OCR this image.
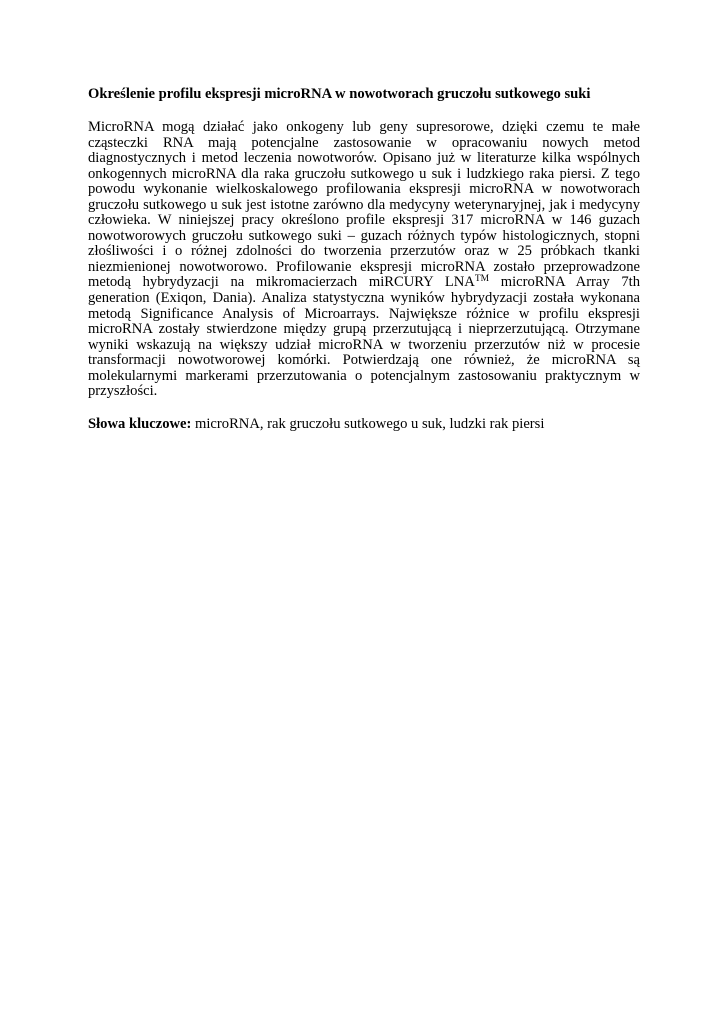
Określenie profilu ekspresji microRNA w nowotworach gruczołu sutkowego suki

MicroRNA mogą działać jako onkogeny lub geny supresorowe, dzięki czemu te małe cząsteczki RNA mają potencjalne zastosowanie w opracowaniu nowych metod diagnostycznych i metod leczenia nowotworów. Opisano już w literaturze kilka wspólnych onkogennych microRNA dla raka gruczołu sutkowego u suk i ludzkiego raka piersi. Z tego powodu wykonanie wielkoskalowego profilowania ekspresji microRNA w nowotworach gruczołu sutkowego u suk jest istotne zarówno dla medycyny weterynaryjnej, jak i medycyny człowieka. W niniejszej pracy określono profile ekspresji 317 microRNA w 146 guzach nowotworowych gruczołu sutkowego suki – guzach różnych typów histologicznych, stopni złośliwości i o różnej zdolności do tworzenia przerzutów oraz w 25 próbkach tkanki niezmienionej nowotworowo. Profilowanie ekspresji microRNA zostało przeprowadzone metodą hybrydyzacji na mikromacierzach miRCURY LNA™ microRNA Array 7th generation (Exiqon, Dania). Analiza statystyczna wyników hybrydyzacji została wykonana metodą Significance Analysis of Microarrays. Największe różnice w profilu ekspresji microRNA zostały stwierdzone między grupą przerzutującą i nieprzerzutującą. Otrzymane wyniki wskazują na większy udział microRNA w tworzeniu przerzutów niż w procesie transformacji nowotworowej komórki. Potwierdzają one również, że microRNA są molekularnymi markerami przerzutowania o potencjalnym zastosowaniu praktycznym w przyszłości.

Słowa kluczowe: microRNA, rak gruczołu sutkowego u suk, ludzki rak piersi
